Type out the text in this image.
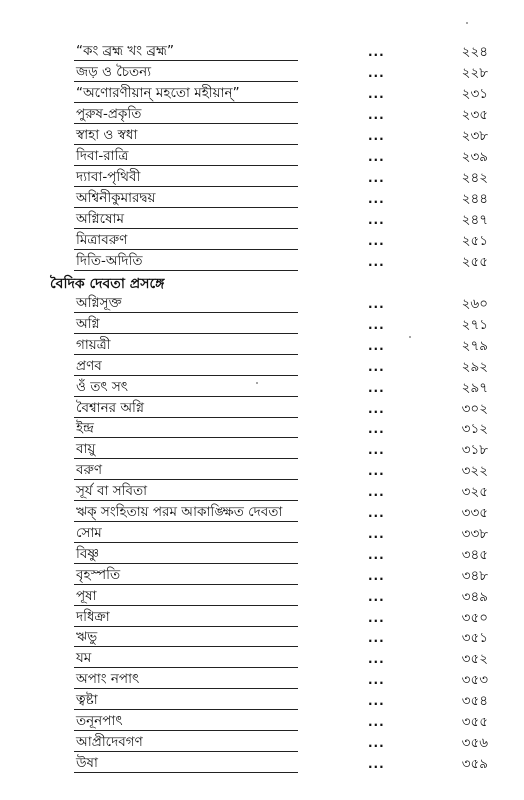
“কং ব্রহ্ম খং ব্রহ্ম”	...	২২৪
জড় ও চৈতন্য	...	২২৮
“অণোরণীয়ান্‌ মহতো মহীয়ান্‌”	...	২৩১
পুরুষ-প্রকৃতি	...	২৩৫
স্বাহা ও স্বধা	...	২৩৮
দিবা-রাত্রি	...	২৩৯
দ্যাবা-পৃথিবী	...	২৪২
অশ্বিনীকুমারদ্বয়	...	২৪৪
অগ্নিষোম	...	২৪৭
মিত্রাবরুণ	...	২৫১
দিতি-অদিতি	...	২৫৫
বৈদিক দেবতা প্রসঙ্গে
অগ্নিসূক্ত	...	২৬০
অগ্নি	...	২৭১
গায়ত্রী	...	২৭৯
প্রণব	...	২৯২
ওঁ তৎ সৎ	...	২৯৭
বৈশ্বানর অগ্নি	...	৩০২
ইন্দ্র	...	৩১২
বায়ু	...	৩১৮
বরুণ	...	৩২২
সূর্য বা সবিতা	...	৩২৫
ঋক্‌ সংহিতায় পরম আকাঙ্ক্ষিত দেবতা	...	৩৩৫
সোম	...	৩৩৮
বিষ্ণু	...	৩৪৫
বৃহস্পতি	...	৩৪৮
পূষা	...	৩৪৯
দধিক্রা	...	৩৫০
ঋভু	...	৩৫১
যম	...	৩৫২
অপাং নপাৎ	...	৩৫৩
ত্বষ্টা	...	৩৫৪
তনূনপাৎ	...	৩৫৫
আপ্রীদেবগণ	...	৩৫৬
উষা	...	৩৫৯
